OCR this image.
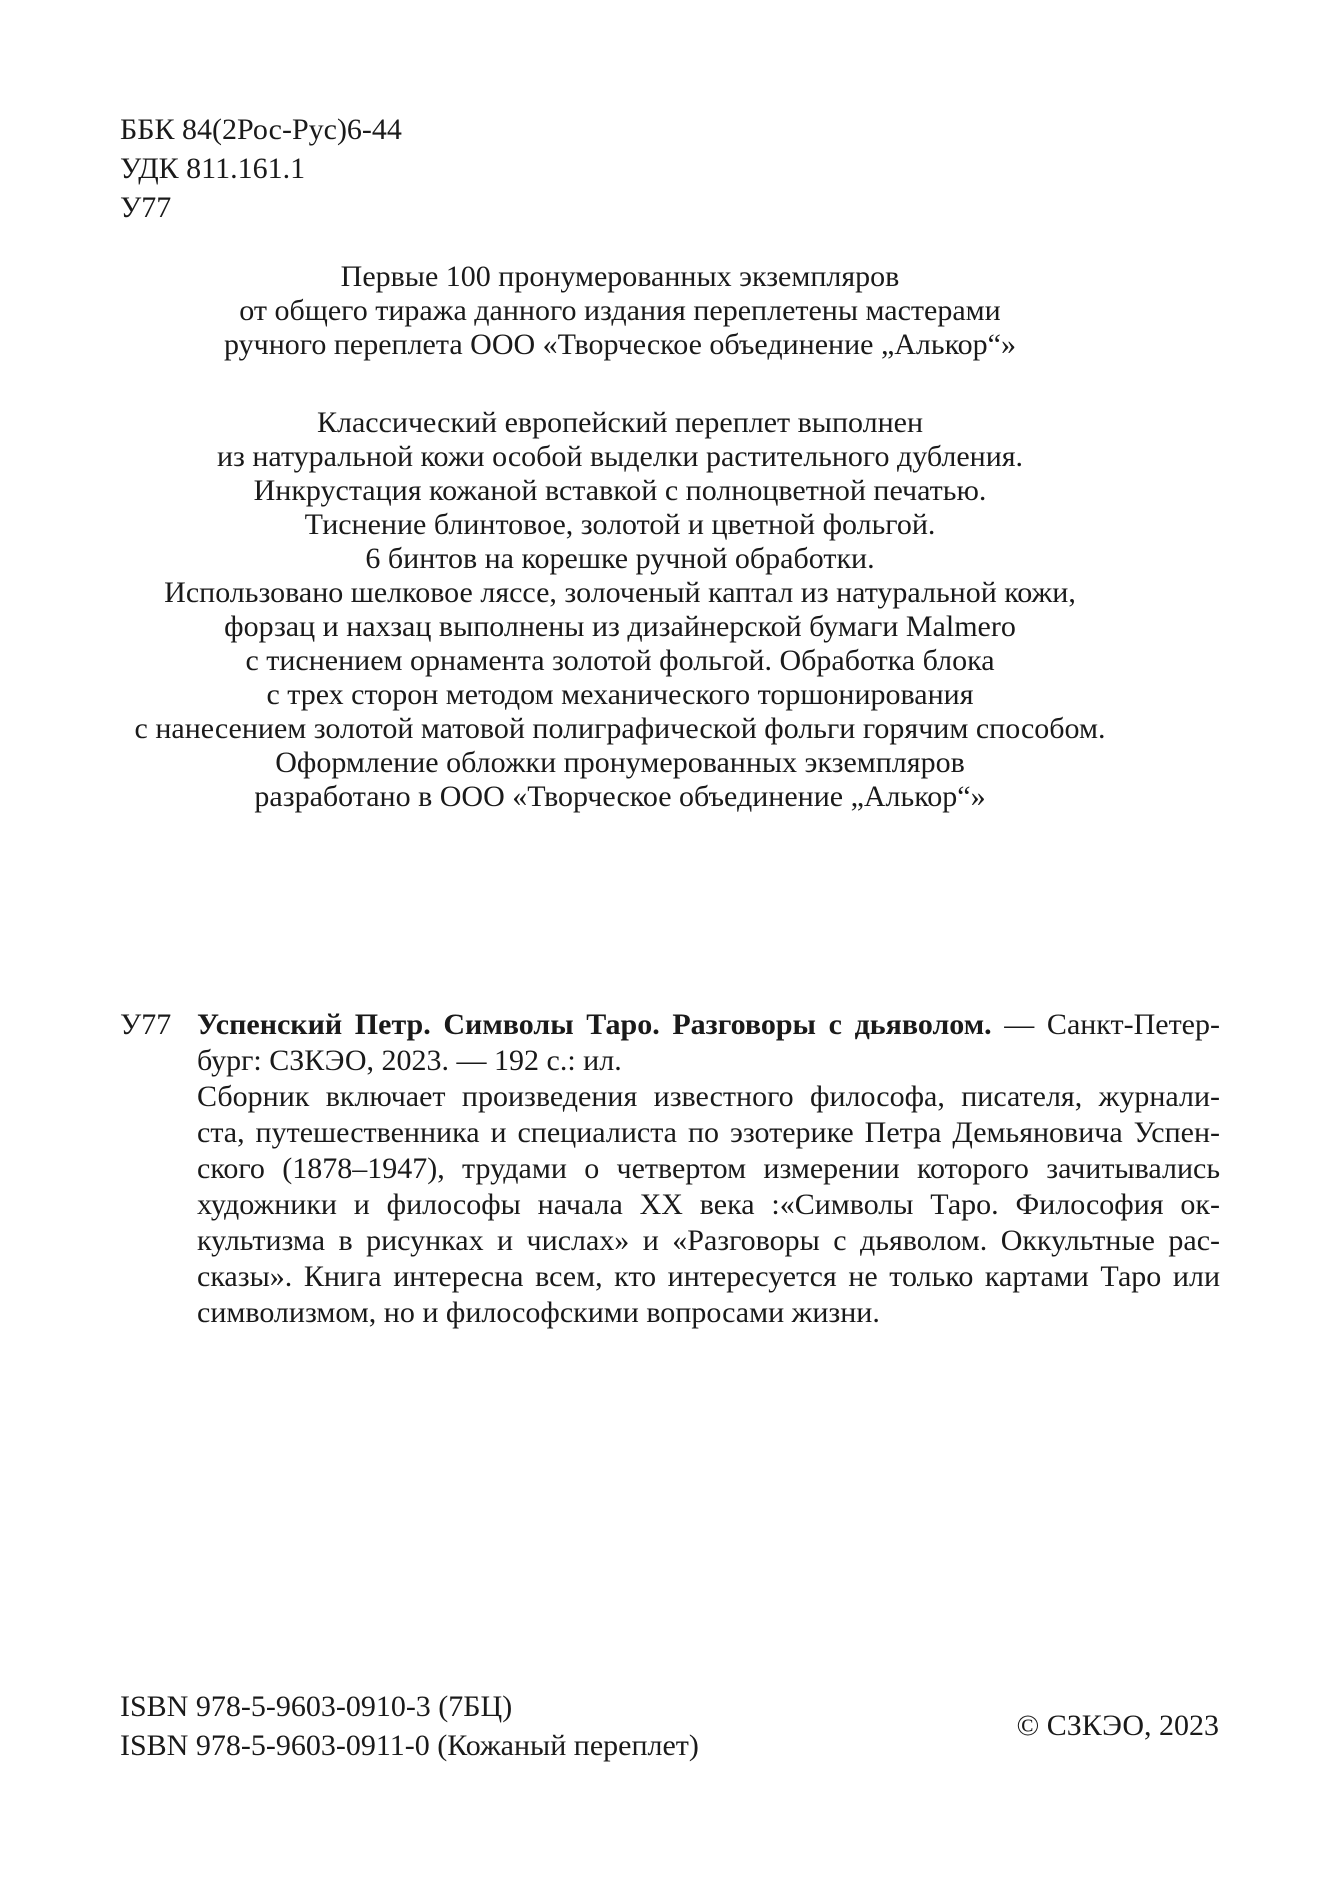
ББК 84(2Рос-Рус)6-44
УДК 811.161.1
У77
Первые 100 пронумерованных экземпляров
от общего тиража данного издания переплетены мастерами
ручного переплета ООО «Творческое объединение „Алькор“»
Классический европейский переплет выполнен
из натуральной кожи особой выделки растительного дубления.
Инкрустация кожаной вставкой с полноцветной печатью.
Тиснение блинтовое, золотой и цветной фольгой.
6 бинтов на корешке ручной обработки.
Использовано шелковое ляссе, золоченый каптал из натуральной кожи,
форзац и нахзац выполнены из дизайнерской бумаги Malmero
с тиснением орнамента золотой фольгой. Обработка блока
с трех сторон методом механического торшонирования
с нанесением золотой матовой полиграфической фольги горячим способом.
Оформление обложки пронумерованных экземпляров
разработано в ООО «Творческое объединение „Алькор“»
У77 Успенский Петр. Символы Таро. Разговоры с дьяволом. — Санкт-Петер-
бург: СЗКЭО, 2023. — 192 с.: ил.
Сборник включает произведения известного философа, писателя, журнали-
ста, путешественника и специалиста по эзотерике Петра Демьяновича Успен-
ского (1878–1947), трудами о четвертом измерении которого зачитывались
художники и философы начала XX века :«Символы Таро. Философия ок-
культизма в рисунках и числах» и «Разговоры с дьяволом. Оккультные рас-
сказы». Книга интересна всем, кто интересуется не только картами Таро или
символизмом, но и философскими вопросами жизни.
ISBN 978-5-9603-0910-3 (7БЦ)
ISBN 978-5-9603-0911-0 (Кожаный переплет)
© СЗКЭО, 2023
